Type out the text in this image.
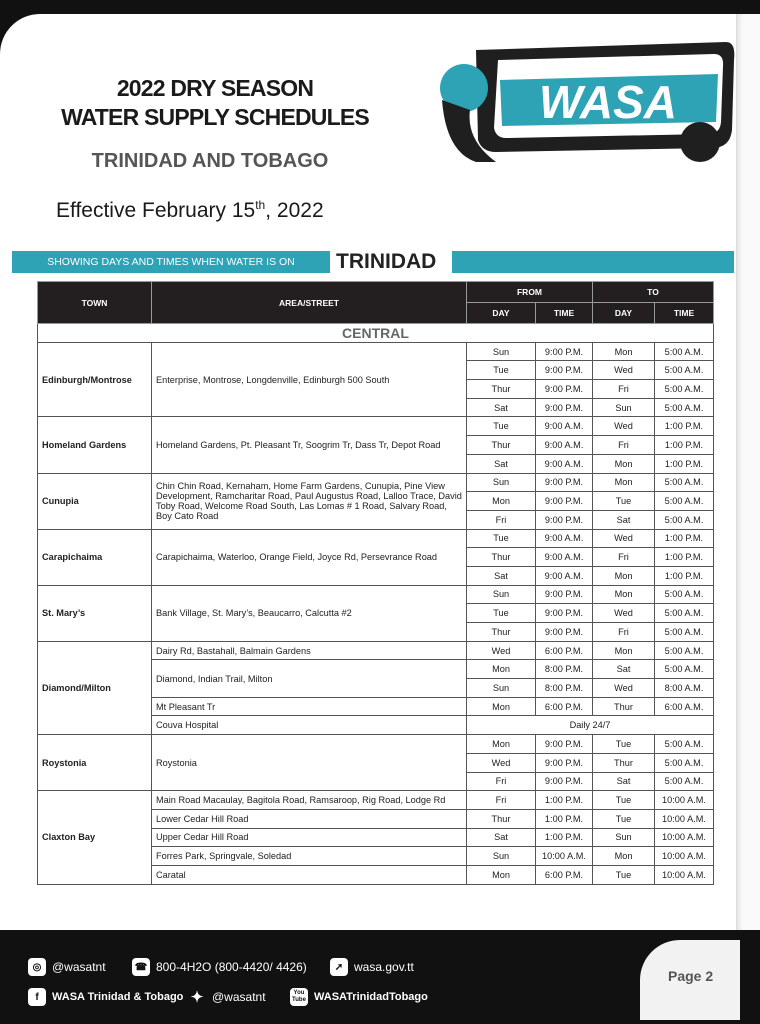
2022 DRY SEASON
WATER SUPPLY SCHEDULES
TRINIDAD AND TOBAGO
Effective February 15th, 2022
WASA
SHOWING DAYS AND TIMES WHEN WATER IS ON	TRINIDAD
TOWN	AREA/STREET	FROM		TO	
		DAY	TIME	DAY	TIME
CENTRAL					
Edinburgh/Montrose	Enterprise, Montrose, Longdenville, Edinburgh 500 South	Sun	9:00 P.M.	Mon	5:00 A.M.
		Tue	9:00 P.M.	Wed	5:00 A.M.
		Thur	9:00 P.M.	Fri	5:00 A.M.
		Sat	9:00 P.M.	Sun	5:00 A.M.
Homeland Gardens	Homeland Gardens, Pt. Pleasant Tr, Soogrim Tr, Dass Tr, Depot Road	Tue	9:00 A.M.	Wed	1:00 P.M.
		Thur	9:00 A.M.	Fri	1:00 P.M.
		Sat	9:00 A.M.	Mon	1:00 P.M.
Cunupia	Chin Chin Road, Kernaham, Home Farm Gardens, Cunupia, Pine View Development, Ramcharitar Road, Paul Augustus Road, Lalloo Trace, David Toby Road, Welcome Road South, Las Lomas # 1 Road, Salvary Road, Boy Cato Road	Sun	9:00 P.M.	Mon	5:00 A.M.
		Mon	9:00 P.M.	Tue	5:00 A.M.
		Fri	9:00 P.M.	Sat	5:00 A.M.
Carapichaima	Carapichaima, Waterloo, Orange Field, Joyce Rd, Persevrance Road	Tue	9:00 A.M.	Wed	1:00 P.M.
		Thur	9:00 A.M.	Fri	1:00 P.M.
		Sat	9:00 A.M.	Mon	1:00 P.M.
St. Mary’s	Bank Village, St. Mary’s, Beaucarro, Calcutta #2	Sun	9:00 P.M.	Mon	5:00 A.M.
		Tue	9:00 P.M.	Wed	5:00 A.M.
		Thur	9:00 P.M.	Fri	5:00 A.M.
Diamond/Milton	Dairy Rd, Bastahall, Balmain Gardens	Wed	6:00 P.M.	Mon	5:00 A.M.
	Diamond, Indian Trail, Milton	Mon	8:00 P.M.	Sat	5:00 A.M.
		Sun	8:00 P.M.	Wed	8:00 A.M.
	Mt Pleasant Tr	Mon	6:00 P.M.	Thur	6:00 A.M.
	Couva Hospital	Daily 24/7			
Roystonia	Roystonia	Mon	9:00 P.M.	Tue	5:00 A.M.
		Wed	9:00 P.M.	Thur	5:00 A.M.
		Fri	9:00 P.M.	Sat	5:00 A.M.
Claxton Bay	Main Road Macaulay, Bagitola Road, Ramsaroop, Rig Road, Lodge Rd	Fri	1:00 P.M.	Tue	10:00 A.M.
	Lower Cedar Hill Road	Thur	1:00 P.M.	Tue	10:00 A.M.
	Upper Cedar Hill Road	Sat	1:00 P.M.	Sun	10:00 A.M.
	Forres Park, Springvale, Soledad	Sun	10:00 A.M.	Mon	10:00 A.M.
	Caratal	Mon	6:00 P.M.	Tue	10:00 A.M.
◎ @wasatnt	☎ 800-4H2O (800-4420/ 4426)	➚ wasa.gov.tt
f	WASA Trinidad & Tobago ✦ @wasatnt	You Tube WASATrinidadTobago
Page 2
